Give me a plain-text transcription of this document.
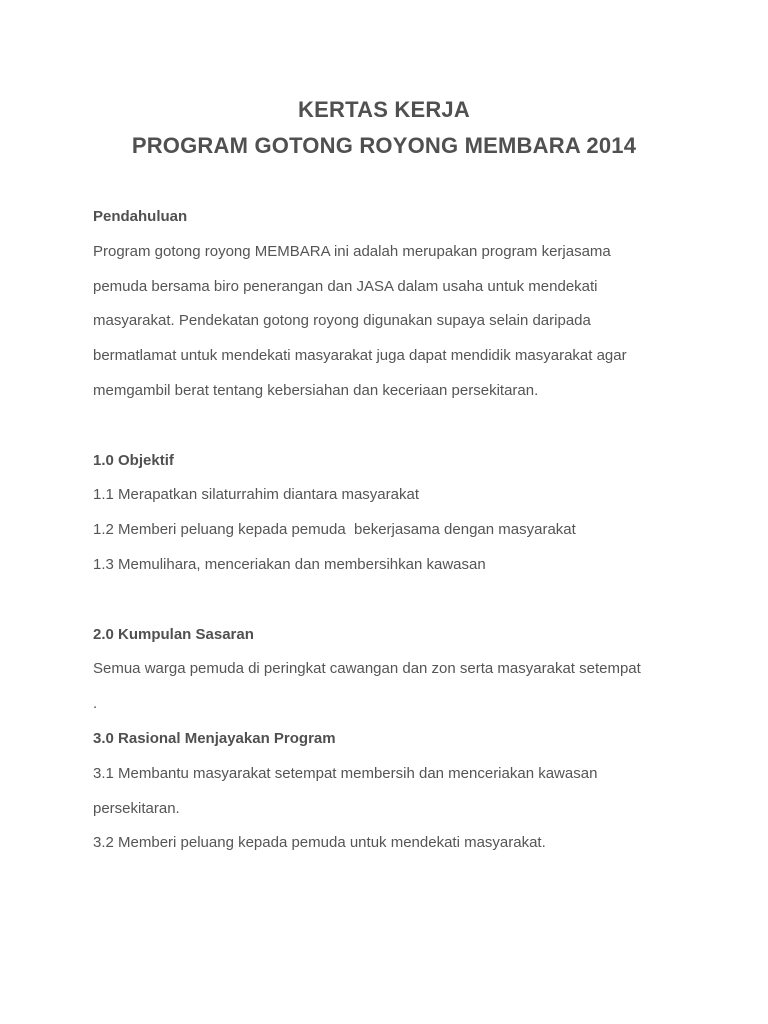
KERTAS KERJA
PROGRAM GOTONG ROYONG MEMBARA 2014
Pendahuluan
Program gotong royong MEMBARA ini adalah merupakan program kerjasama
pemuda bersama biro penerangan dan JASA dalam usaha untuk mendekati
masyarakat. Pendekatan gotong royong digunakan supaya selain daripada
bermatlamat untuk mendekati masyarakat juga dapat mendidik masyarakat agar
memgambil berat tentang kebersiahan dan keceriaan persekitaran.
1.0 Objektif
1.1 Merapatkan silaturrahim diantara masyarakat
1.2 Memberi peluang kepada pemuda  bekerjasama dengan masyarakat
1.3 Memulihara, menceriakan dan membersihkan kawasan
2.0 Kumpulan Sasaran
Semua warga pemuda di peringkat cawangan dan zon serta masyarakat setempat
.
3.0 Rasional Menjayakan Program
3.1 Membantu masyarakat setempat membersih dan menceriakan kawasan
persekitaran.
3.2 Memberi peluang kepada pemuda untuk mendekati masyarakat.
